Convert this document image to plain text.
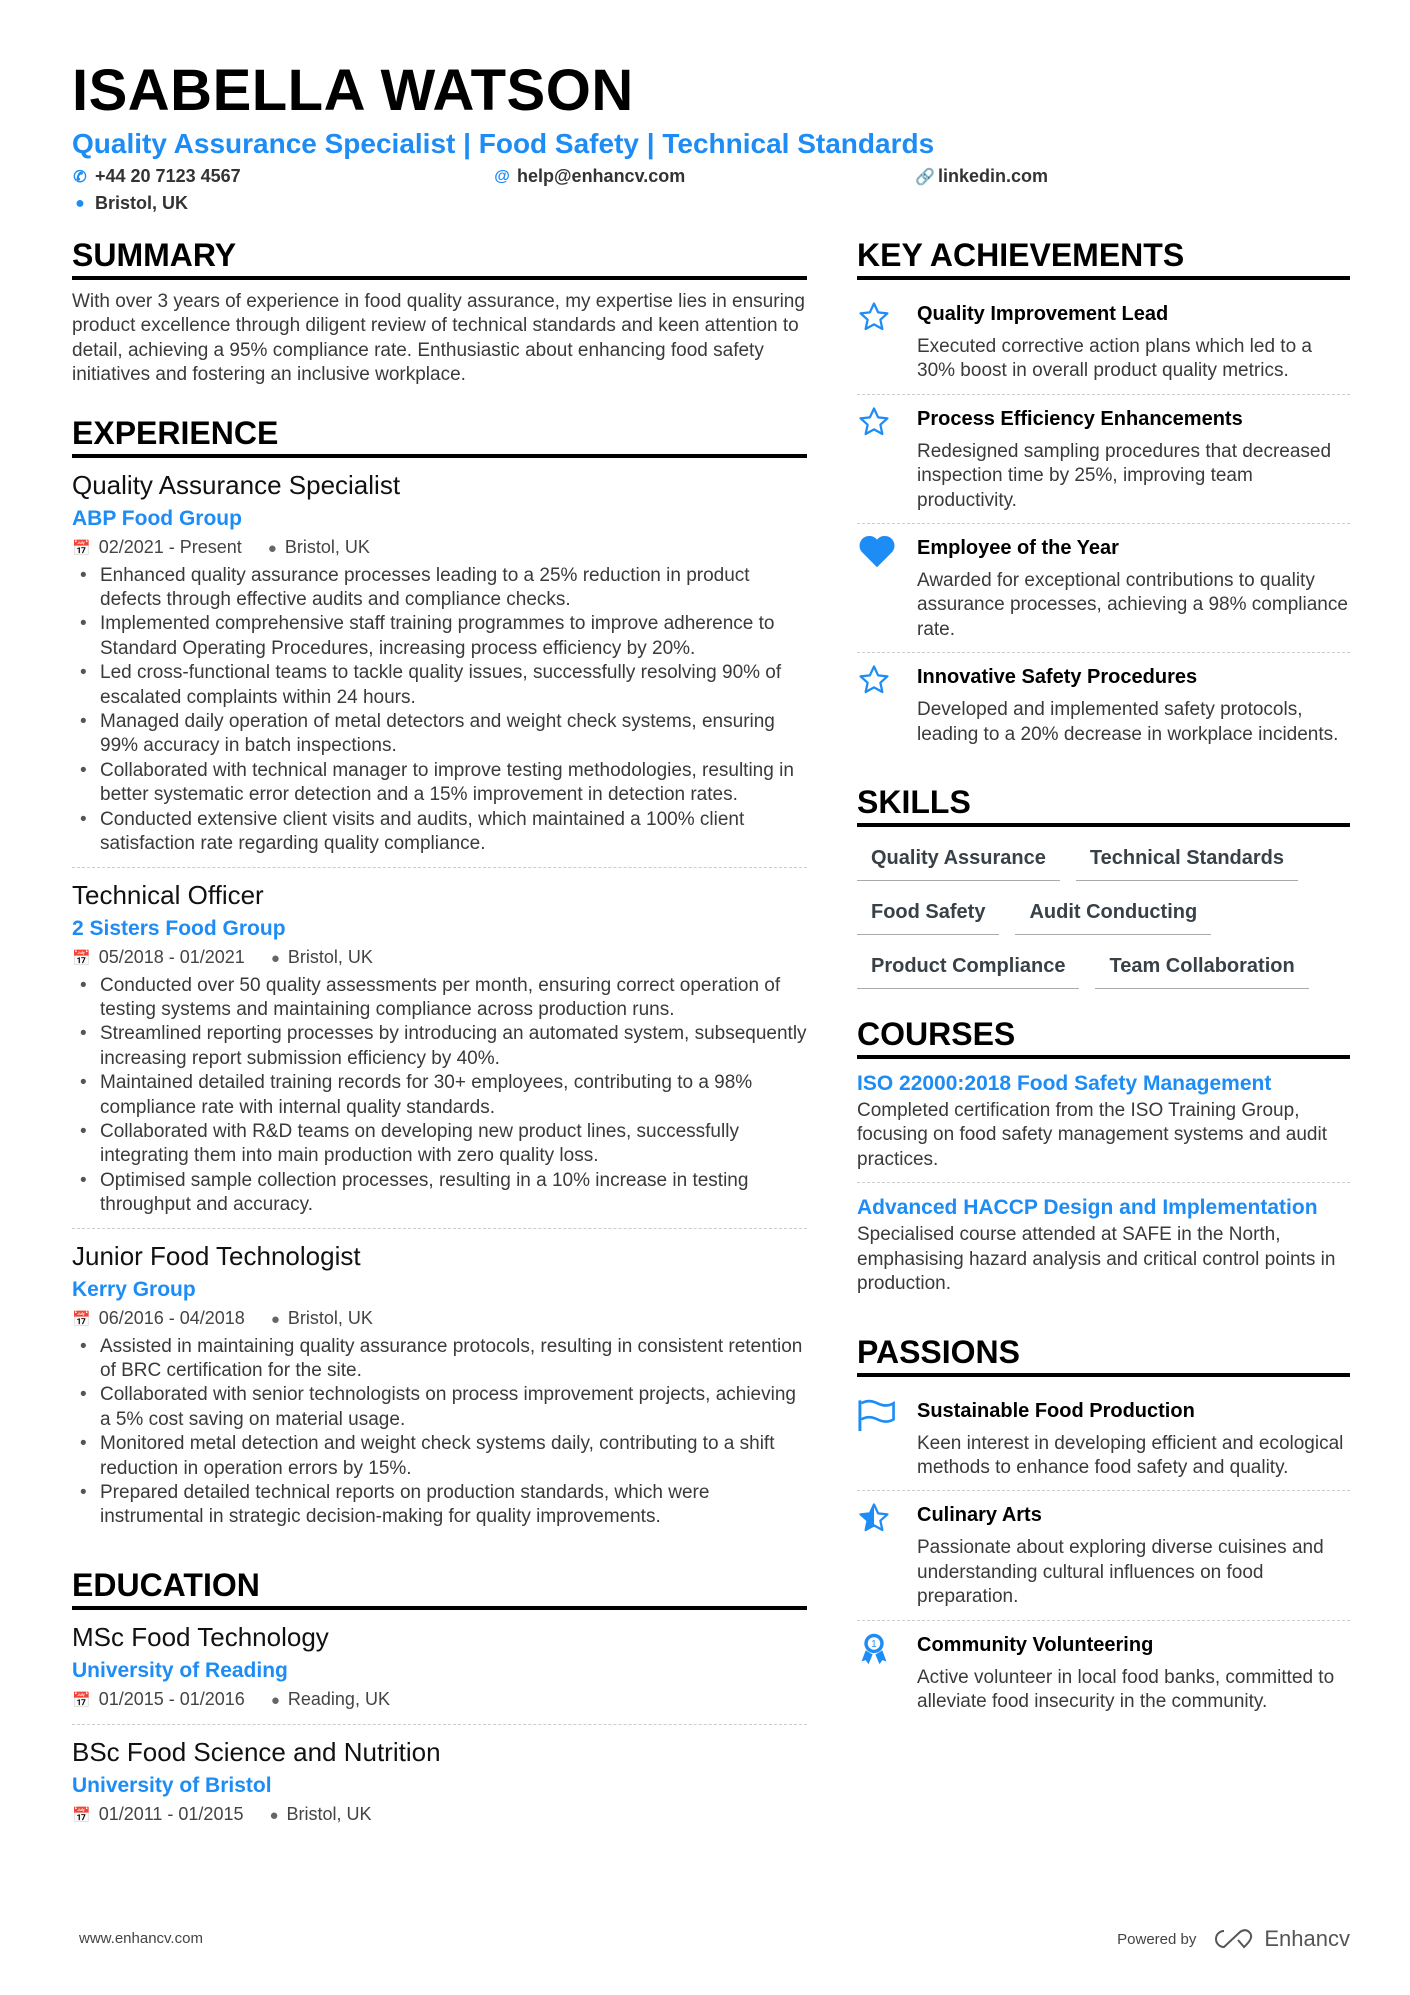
ISABELLA WATSON
Quality Assurance Specialist | Food Safety | Technical Standards
✆ +44 20 7123 4567	@ help@enhancv.com	🔗 linkedin.com
● Bristol, UK
SUMMARY
With over 3 years of experience in food quality assurance, my expertise lies in ensuring product excellence through diligent review of technical standards and keen attention to detail, achieving a 95% compliance rate. Enthusiastic about enhancing food safety initiatives and fostering an inclusive workplace.
EXPERIENCE
Quality Assurance Specialist
ABP Food Group
📅 02/2021 - Present ● Bristol, UK
• Enhanced quality assurance processes leading to a 25% reduction in product defects through effective audits and compliance checks.
• Implemented comprehensive staff training programmes to improve adherence to Standard Operating Procedures, increasing process efficiency by 20%.
• Led cross-functional teams to tackle quality issues, successfully resolving 90% of escalated complaints within 24 hours.
• Managed daily operation of metal detectors and weight check systems, ensuring 99% accuracy in batch inspections.
• Collaborated with technical manager to improve testing methodologies, resulting in better systematic error detection and a 15% improvement in detection rates.
• Conducted extensive client visits and audits, which maintained a 100% client satisfaction rate regarding quality compliance.
Technical Officer
2 Sisters Food Group
📅 05/2018 - 01/2021 ● Bristol, UK
• Conducted over 50 quality assessments per month, ensuring correct operation of testing systems and maintaining compliance across production runs.
• Streamlined reporting processes by introducing an automated system, subsequently increasing report submission efficiency by 40%.
• Maintained detailed training records for 30+ employees, contributing to a 98% compliance rate with internal quality standards.
• Collaborated with R&D teams on developing new product lines, successfully integrating them into main production with zero quality loss.
• Optimised sample collection processes, resulting in a 10% increase in testing throughput and accuracy.
Junior Food Technologist
Kerry Group
📅 06/2016 - 04/2018 ● Bristol, UK
• Assisted in maintaining quality assurance protocols, resulting in consistent retention of BRC certification for the site.
• Collaborated with senior technologists on process improvement projects, achieving a 5% cost saving on material usage.
• Monitored metal detection and weight check systems daily, contributing to a shift reduction in operation errors by 15%.
• Prepared detailed technical reports on production standards, which were instrumental in strategic decision-making for quality improvements.
EDUCATION
MSc Food Technology
University of Reading
📅 01/2015 - 01/2016 ● Reading, UK
BSc Food Science and Nutrition
University of Bristol
📅 01/2011 - 01/2015 ● Bristol, UK
KEY ACHIEVEMENTS
Quality Improvement Lead
Executed corrective action plans which led to a 30% boost in overall product quality metrics.
Process Efficiency Enhancements
Redesigned sampling procedures that decreased inspection time by 25%, improving team productivity.
Employee of the Year
Awarded for exceptional contributions to quality assurance processes, achieving a 98% compliance rate.
Innovative Safety Procedures
Developed and implemented safety protocols, leading to a 20% decrease in workplace incidents.
SKILLS
Quality Assurance	Technical Standards
Food Safety	Audit Conducting
Product Compliance	Team Collaboration
COURSES
ISO 22000:2018 Food Safety Management
Completed certification from the ISO Training Group, focusing on food safety management systems and audit practices.
Advanced HACCP Design and Implementation
Specialised course attended at SAFE in the North, emphasising hazard analysis and critical control points in production.
PASSIONS
Sustainable Food Production
Keen interest in developing efficient and ecological methods to enhance food safety and quality.
Culinary Arts
Passionate about exploring diverse cuisines and understanding cultural influences on food preparation.
1 Community Volunteering
Active volunteer in local food banks, committed to alleviate food insecurity in the community.
www.enhancv.com	Powered by	Enhancv
